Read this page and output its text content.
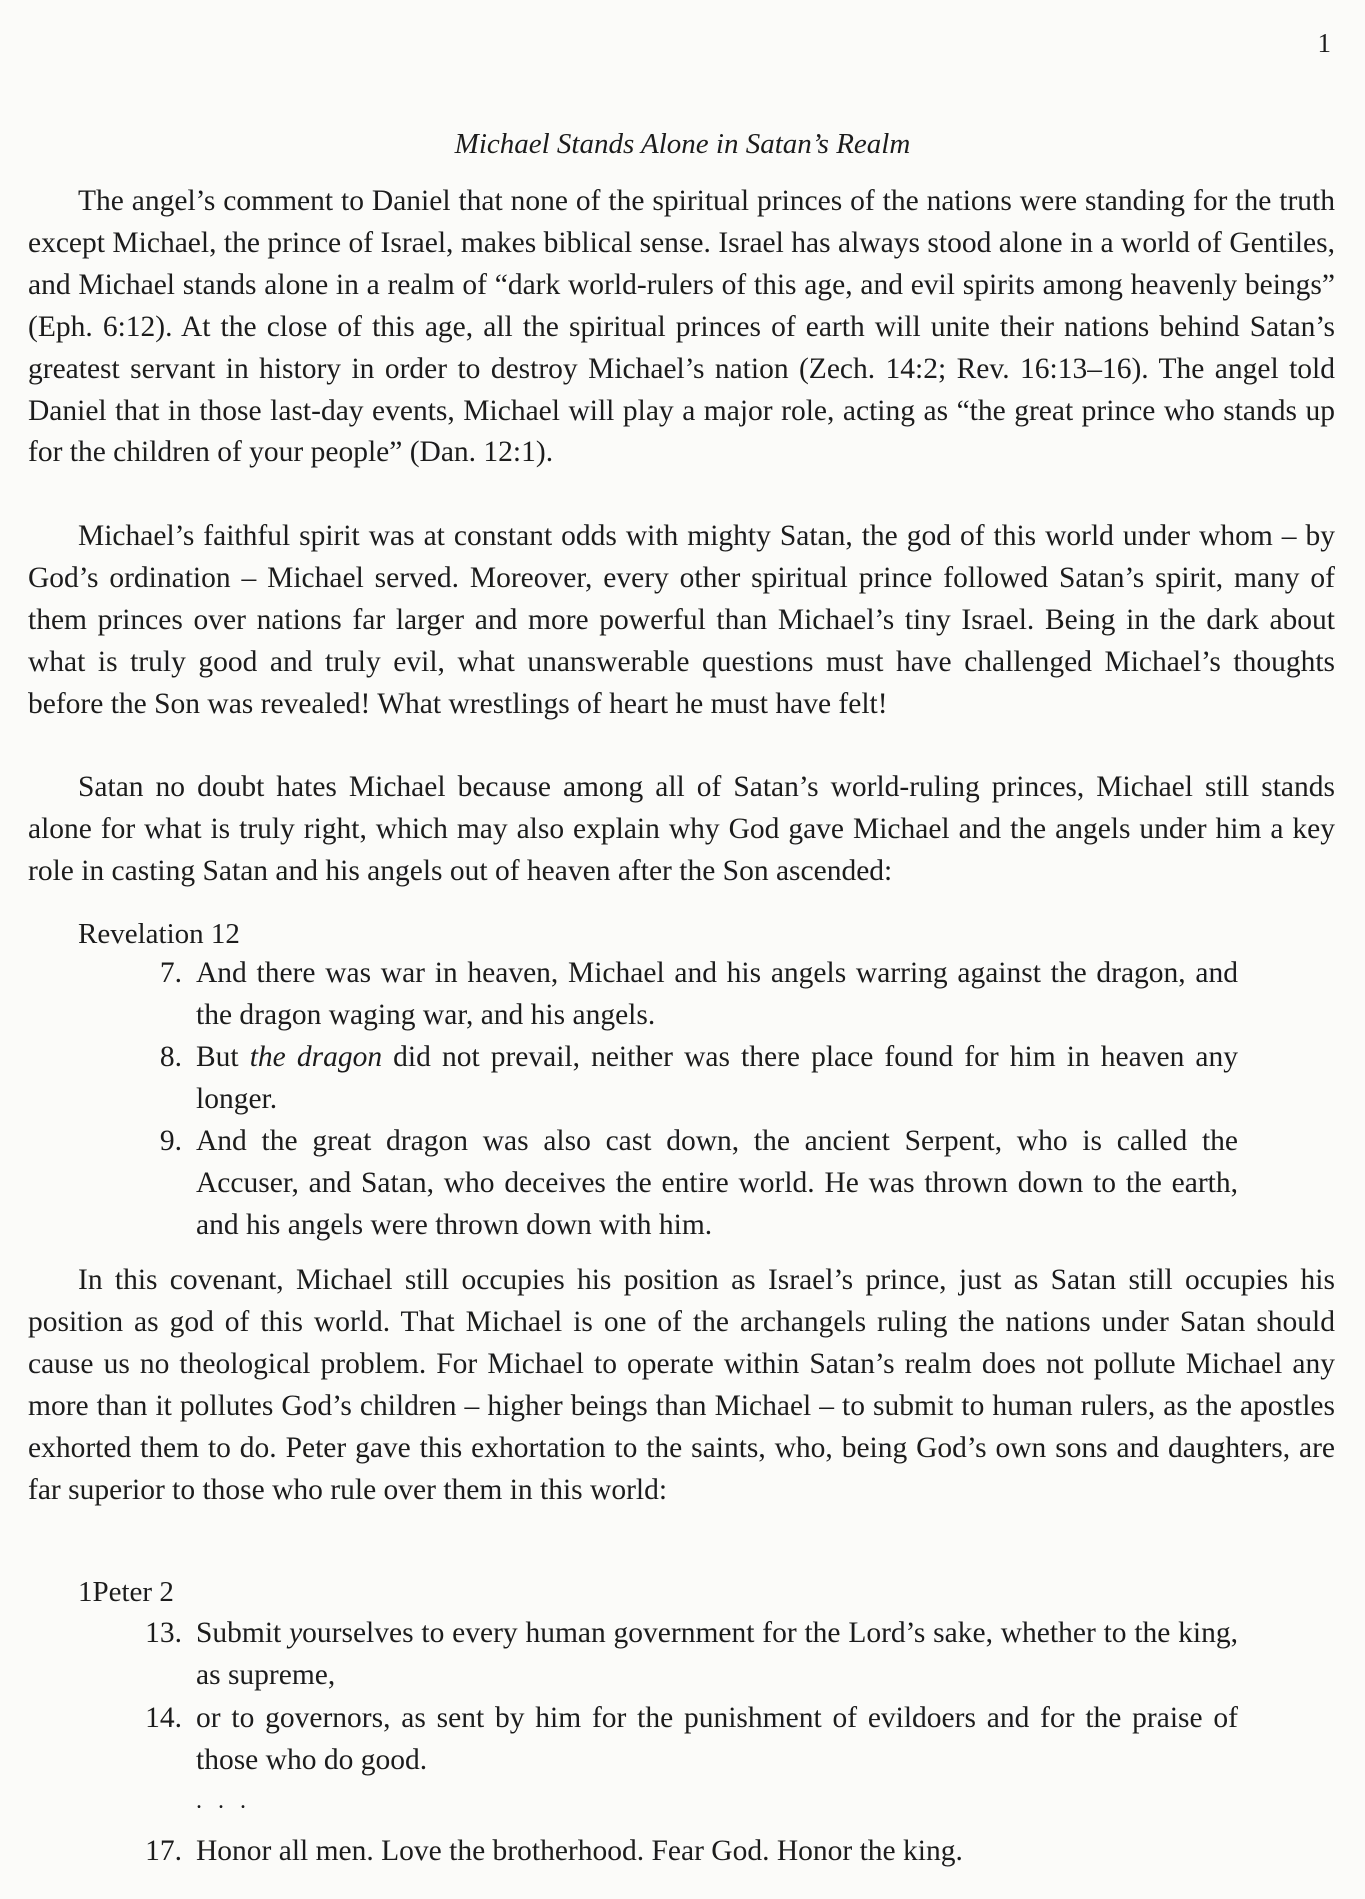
1
Michael Stands Alone in Satan’s Realm

The angel’s comment to Daniel that none of the spiritual princes of the nations were standing for the truth except Michael, the prince of Israel, makes biblical sense. Israel has always stood alone in a world of Gentiles, and Michael stands alone in a realm of “dark world-rulers of this age, and evil spirits among heavenly beings” (Eph. 6:12). At the close of this age, all the spiritual princes of earth will unite their nations behind Satan’s greatest servant in history in order to destroy Michael’s nation (Zech. 14:2; Rev. 16:13–16). The angel told Daniel that in those last-day events, Michael will play a major role, acting as “the great prince who stands up for the children of your people” (Dan. 12:1).

Michael’s faithful spirit was at constant odds with mighty Satan, the god of this world under whom – by God’s ordination – Michael served. Moreover, every other spiritual prince followed Satan’s spirit, many of them princes over nations far larger and more powerful than Michael’s tiny Israel. Being in the dark about what is truly good and truly evil, what unanswerable questions must have challenged Michael’s thoughts before the Son was revealed! What wrestlings of heart he must have felt!

Satan no doubt hates Michael because among all of Satan’s world-ruling princes, Michael still stands alone for what is truly right, which may also explain why God gave Michael and the angels under him a key role in casting Satan and his angels out of heaven after the Son ascended:

Revelation 12
7. And there was war in heaven, Michael and his angels warring against the dragon, and the dragon waging war, and his angels.
8. But the dragon did not prevail, neither was there place found for him in heaven any longer.
9. And the great dragon was also cast down, the ancient Serpent, who is called the Accuser, and Satan, who deceives the entire world. He was thrown down to the earth, and his angels were thrown down with him.

In this covenant, Michael still occupies his position as Israel’s prince, just as Satan still occupies his position as god of this world. That Michael is one of the archangels ruling the nations under Satan should cause us no theological problem. For Michael to operate within Satan’s realm does not pollute Michael any more than it pollutes God’s children – higher beings than Michael – to submit to human rulers, as the apostles exhorted them to do. Peter gave this exhortation to the saints, who, being God’s own sons and daughters, are far superior to those who rule over them in this world:

1Peter 2
13. Submit yourselves to every human government for the Lord’s sake, whether to the king, as supreme,
14. or to governors, as sent by him for the punishment of evildoers and for the praise of those who do good.
. . .
17. Honor all men. Love the brotherhood. Fear God. Honor the king.
